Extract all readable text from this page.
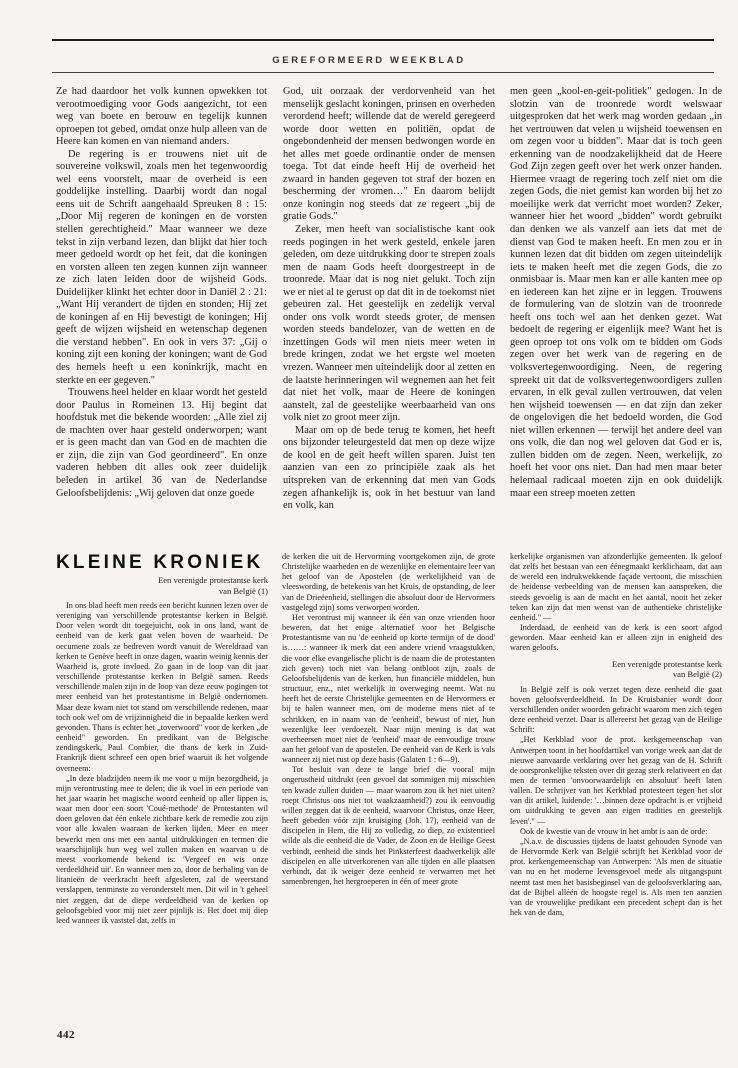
GEREFORMEERD WEEKBLAD

Ze had daardoor het volk kunnen opwekken tot verootmoediging voor Gods aangezicht, tot een weg van boete en berouw en tegelijk kunnen oproepen tot gebed, omdat onze hulp alleen van de Heere kan komen en van niemand anders.

De regering is er trouwens niet uit de souvereine volkswil, zoals men het tegenwoordig wel eens voorstelt, maar de overheid is een goddelijke instelling. Daarbij wordt dan nogal eens uit de Schrift aangehaald Spreuken 8 : 15: „Door Mij regeren de koningen en de vorsten stellen gerechtigheid." Maar wanneer we deze tekst in zijn verband lezen, dan blijkt dat hier toch meer gedoeld wordt op het feit, dat die koningen en vorsten alleen ten zegen kunnen zijn wanneer ze zich laten leiden door de wijsheid Gods. Duidelijker klinkt het echter door in Daniël 2 : 21: „Want Hij verandert de tijden en stonden; Hij zet de koningen af en Hij bevestigt de koningen; Hij geeft de wijzen wijsheid en wetenschap degenen die verstand hebben". En ook in vers 37: „Gij o koning zijt een koning der koningen; want de God des hemels heeft u een koninkrijk, macht en sterkte en eer gegeven."

Trouwens heel helder en klaar wordt het gesteld door Paulus in Romeinen 13. Hij begint dat hoofdstuk met die bekende woorden: „Alle ziel zij de machten over haar gesteld onderworpen; want er is geen macht dan van God en de machten die er zijn, die zijn van God geordineerd". En onze vaderen hebben dit alles ook zeer duidelijk beleden in artikel 36 van de Nederlandse Geloofsbelijdenis: „Wij geloven dat onze goede

God, uit oorzaak der verdorvenheid van het menselijk geslacht koningen, prinsen en overheden verordend heeft; willende dat de wereld geregeerd worde door wetten en politiën, opdat de ongebondenheid der mensen bedwongen worde en het alles met goede ordinantie onder de mensen toega. Tot dat einde heeft Hij de overheid het zwaard in handen gegeven tot straf der bozen en bescherming der vromen…" En daarom belijdt onze koningin nog steeds dat ze regeert „bij de gratie Gods."

Zeker, men heeft van socialistische kant ook reeds pogingen in het werk gesteld, enkele jaren geleden, om deze uitdrukking door te strepen zoals men de naam Gods heeft doorgestreept in de troonrede. Maar dat is nog niet gelukt. Toch zijn we er niet al te gerust op dat dit in de toekomst niet gebeuren zal. Het geestelijk en zedelijk verval onder ons volk wordt steeds groter, de mensen worden steeds bandelozer, van de wetten en de inzettingen Gods wil men niets meer weten in brede kringen, zodat we het ergste wel moeten vrezen. Wanneer men uiteindelijk door al zetten en de laatste herinneringen wil wegnemen aan het feit dat niet het volk, maar de Heere de koningen aanstelt, zal de geestelijke weerbaarheid van ons volk niet zo groot meer zijn.

Maar om op de bede terug te komen, het heeft ons bijzonder teleurgesteld dat men op deze wijze de kool en de geit heeft willen sparen. Juist ten aanzien van een zo principiële zaak als het uitspreken van de erkenning dat men van Gods zegen afhankelijk is, ook in het bestuur van land en volk, kan

men geen „kool-en-geit-politiek" gedogen. In de slotzin van de troonrede wordt welswaar uitgesproken dat het werk mag worden gedaan „in het vertrouwen dat velen u wijsheid toewensen en om zegen voor u bidden". Maar dat is toch geen erkenning van de noodzakelijkheid dat de Heere God Zijn zegen geeft over het werk onzer handen. Hiermee vraagt de regering toch zelf niet om die zegen Gods, die niet gemist kan worden bij het zo moeilijke werk dat verricht moet worden? Zeker, wanneer hier het woord „bidden" wordt gebruikt dan denken we als vanzelf aan iets dat met de dienst van God te maken heeft. En men zou er in kunnen lezen dat dit bidden om zegen uiteindelijk iets te maken heeft met die zegen Gods, die zo onmisbaar is. Maar men kan er alle kanten mee op en iedereen kan het zijne er in leggen. Trouwens de formulering van de slotzin van de troonrede heeft ons toch wel aan het denken gezet. Wat bedoelt de regering er eigenlijk mee? Want het is geen oproep tot ons volk om te bidden om Gods zegen over het werk van de regering en de volksvertegenwoordiging. Neen, de regering spreekt uit dat de volksvertegenwoordigers zullen ervaren, in elk geval zullen vertrouwen, dat velen hen wijsheid toewensen — en dat zijn dan zeker de ongelovigen die het bedoeld worden, die God niet willen erkennen — terwijl het andere deel van ons volk, die dan nog wel geloven dat God er is, zullen bidden om de zegen. Neen, werkelijk, zo hoeft het voor ons niet. Dan had men maar beter helemaal radicaal moeten zijn en ook duidelijk maar een streep moeten zetten

KLEINE KRONIEK
Een verenigde protestantse kerk
van België (1)

In ons blad heeft men reeds een bericht kunnen lezen over de vereniging van verschillende protestantse kerken in België. Door velen wordt dit toegejuicht, ook in ons land, want de eenheid van de kerk gaat velen boven de waarheid. De oecumene zoals ze bedreven wordt vanuit de Wereldraad van kerken te Genève heeft in onze dagen, waarin weinig kennis der Waarheid is, grote invloed. Zo gaan in de loop van dit jaar verschillende protestantse kerken in België samen. Reeds verschillende malen zijn in de loop van deze eeuw pogingen tot meer eenheid van het protestantisme in België ondernomen. Maar deze kwam niet tot stand om verschillende redenen, maar toch ook wel om de vrijzinnigheid die in bepaalde kerken werd gevonden. Thans is echter het „toverwoord" voor de kerken „de eenheid" geworden. En predikant van de Belgische zendingskerk, Paul Combier, die thans de kerk in Zuid-Frankrijk dient schreef een open brief waaruit ik het volgende overneem:

„In deze bladzijden neem ik me voor u mijn bezorgdheid, ja mijn verontrusting mee te delen; die ik voel in een periode van het jaar waarin het magische woord eenheid op aller lippen is, waar men door een soort 'Coué-methode' de Protestanten wil doen geloven dat één enkele zichtbare kerk de remedie zou zijn voor alle kwalen waaraan de kerken lijden. Meer en meer bewerkt men ons met een aantal uitdrukkingen en termen die waarschijnlijk hun weg wel zullen maken en waarvan u de meest voorkomende bekend is: 'Vergeef en wis onze verdeeldheid uit'. En wanneer men zo, door de herhaling van de litanieën de veerkracht heeft afgesleten, zal de weerstand verslappen, tenminste zo veronderstelt men. Dit wil in 't geheel niet zeggen, dat de diepe verdeeldheid van de kerken op geloofsgebied voor mij niet zeer pijnlijk is. Het doet mij diep leed wanneer ik vaststel dat, zelfs in

de kerken die uit de Hervorming voortgekomen zijn, de grote Christelijke waarheden en de wezenlijke en elementaire leer van het geloof van de Apostelen (de werkelijkheid van de vleeswording, de betekenis van het Kruis, de opstanding, de leer van de Drieëenheid, stellingen die absoluut door de Hervormers vastgelegd zijn) soms verworpen worden.

Het verontrust mij wanneer ik één van onze vrienden hoor beweren, dat het enige alternatief voor het Belgische Protestantisme van nu 'de eenheid op korte termijn of de dood' is……: wanneer ik merk dat een andere vriend vraagstukken, die voor elke evangelische plicht is de naam die de protestanten zich geven) toch niet van belang ontbloot zijn, zoals de Geloofsbelijdenis van de kerken, hun financiële middelen, hun structuur, enz., niet werkelijk in overweging neemt. Wat nu heeft het de eerste Christelijke gemeenten en de Hervormers er bij te halen wanneer men, om de moderne mens niet af te schrikken, en in naam van de 'eenheid', bewust of niet, hun wezenlijke leer verdoezelt. Naar mijn mening is dat wat overheersen moet niet de 'eenheid' maar de eenvoudige trouw aan het geloof van de apostelen. De eenheid van de Kerk is vals wanneer zij niet rust op deze basis (Galaten 1 : 6—9).

Tot besluit van deze te lange brief die vooral mijn ongerustheid uitdrukt (een gevoel dat sommigen mij misschien ten kwade zullen duiden — maar waarom zou ik het niet uiten? roept Christus ons niet tot waakzaamheid?) zou ik eenvoudig willen zeggen dat ik de eenheid, waarvoor Christus, onze Heer, heeft gebeden vóór zijn kruisiging (Joh. 17), eenheid van de discipelen in Hem, die Hij zo volledig, zo diep, zo existentieel wilde als die eenheid die de Vader, de Zoon en de Heilige Geest verbindt, eenheid die sinds het Pinksterfeest daadwerkelijk alle discipelen en alle uitverkorenen van alle tijden en alle plaatsen verbindt, dat ik weiger deze eenheid te verwarren met het samenbrengen, het hergroeperen in één of meer grote

kerkelijke organismen van afzonderlijke gemeenten. Ik geloof dat zelfs het bestaan van een éénegmaakt kerklichaam, dat aan de wereld een indrukwekkende façade vertoont, die misschien de heidense verbeelding van de mensen kan aanspreken, die steeds gevoelig is aan de macht en het aantal, nooit het zeker teken kan zijn dat men wenst van de authentieke christelijke eenheid." —

Inderdaad, de eenheid van de kerk is een soort afgod geworden. Maar eenheid kan er alleen zijn in enigheid des waren geloofs.

Een verenigde protestantse kerk
van België (2)

In België zelf is ook verzet tegen deze eenheid die gaat boven geloofsverdeeldheid. In De Kruisbanier wordt door verschillenden onder woorden gebracht waarom men zich tegen deze eenheid verzet. Daar is allereerst het gezag van de Heilige Schrift:

„Het Kerkblad voor de prot. kerkgemeenschap van Antwerpen toont in het hoofdartikel van vorige week aan dat de nieuwe aanvaarde verklaring over het gezag van de H. Schrift de oorspronkelijke teksten over dit gezag sterk relativeert en dat men de termen 'onvoorwaardelijk en absoluut' heeft laten vallen. De schrijver van het Kerkblad protesteert tegen het slot van dit artikel, luidende: '…binnen deze opdracht is er vrijheid om uitdrukking te geven aan eigen tradities en geestelijk leven'." —

Ook de kwestie van de vrouw in het ambt is aan de orde:

„N.a.v. de discussies tijdens de laatst gehouden Synode van de Hervormde Kerk van België schrijft het Kerkblad voor de prot. kerkengemeenschap van Antwerpen: 'Als men de situatie van nu en het moderne levensgevoel mede als uitgangspunt neemt tast men het basisbeginsel van de geloofsverklaring aan, dat de Bijbel alléén de hoogste regel is. Als men ten aanzien van de vrouwelijke predikant een precedent schept dan is het hek van de dam,

442
